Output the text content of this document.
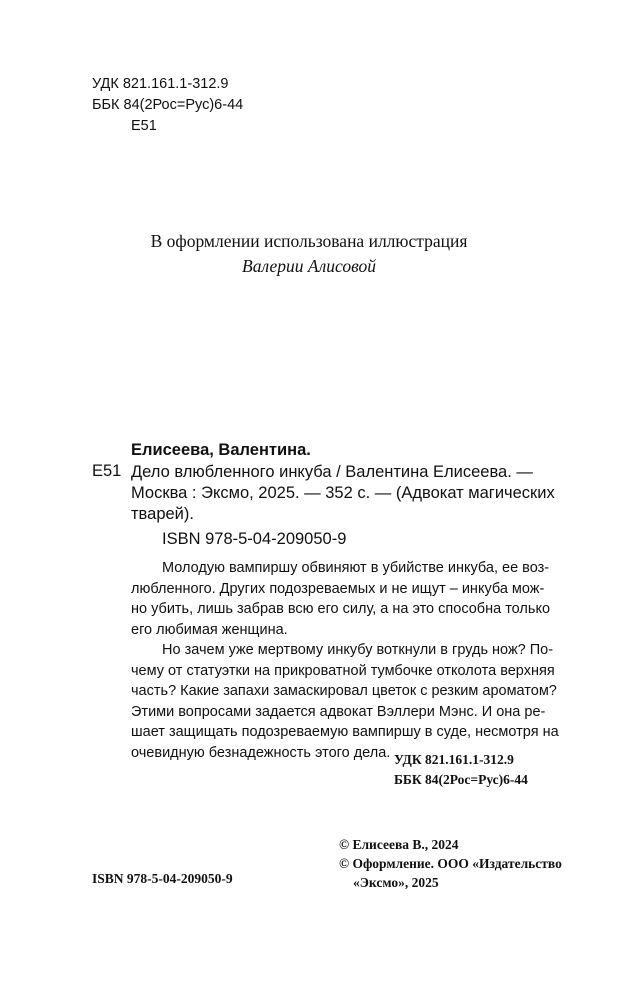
УДК 821.161.1-312.9
ББК 84(2Рос=Рус)6-44
Е51
В оформлении использована иллюстрация
Валерии Алисовой
Елисеева, Валентина.
Е51 Дело влюбленного инкуба / Валентина Елисеева. —
Москва : Эксмо, 2025. — 352 с. — (Адвокат магических
тварей).
ISBN 978-5-04-209050-9
Молодую вампиршу обвиняют в убийстве инкуба, ее воз-
любленного. Других подозреваемых и не ищут – инкуба мож-
но убить, лишь забрав всю его силу, а на это способна только
его любимая женщина.
Но зачем уже мертвому инкубу воткнули в грудь нож? По-
чему от статуэтки на прикроватной тумбочке отколота верхняя
часть? Какие запахи замаскировал цветок с резким ароматом?
Этими вопросами задается адвокат Вэллери Мэнс. И она ре-
шает защищать подозреваемую вампиршу в суде, несмотря на
очевидную безнадежность этого дела. УДК 821.161.1-312.9
ББК 84(2Рос=Рус)6-44
© Елисеева В., 2024
© Оформление. ООО «Издательство
«Эксмо», 2025
ISBN 978-5-04-209050-9
